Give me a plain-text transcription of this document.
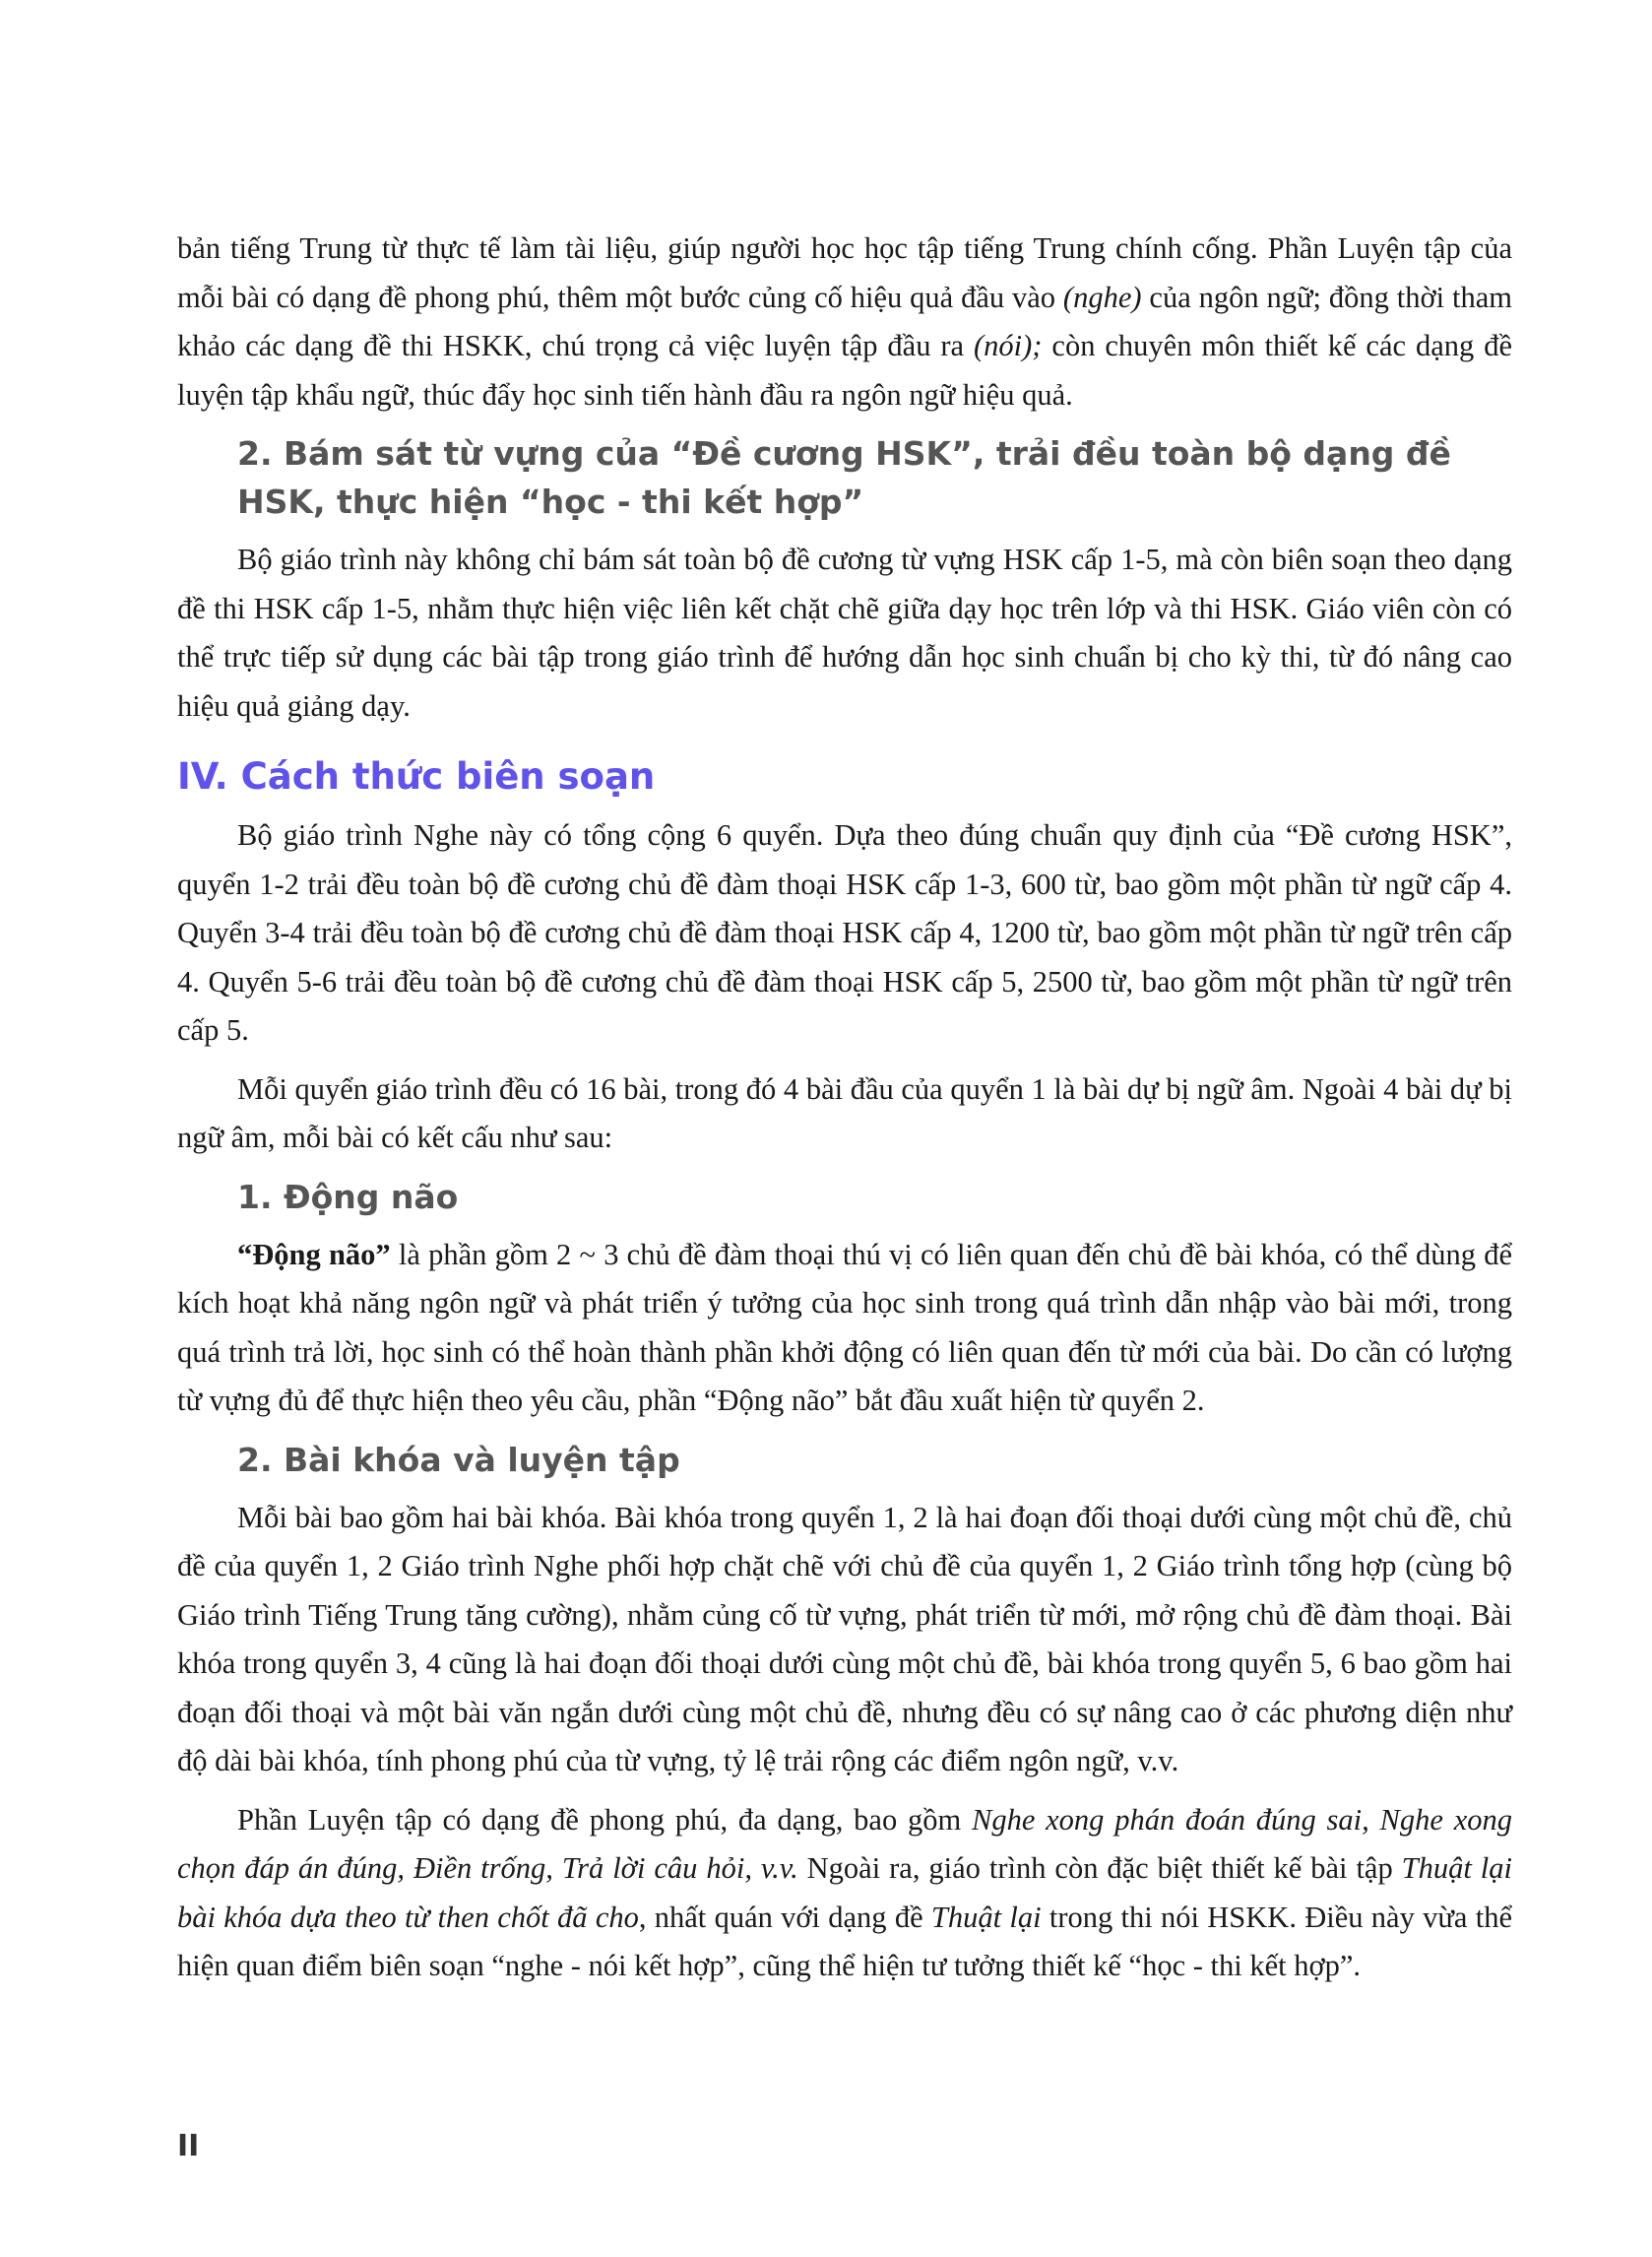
bản tiếng Trung từ thực tế làm tài liệu, giúp người học học tập tiếng Trung chính cống. Phần Luyện tập của mỗi bài có dạng đề phong phú, thêm một bước củng cố hiệu quả đầu vào (nghe) của ngôn ngữ; đồng thời tham khảo các dạng đề thi HSKK, chú trọng cả việc luyện tập đầu ra (nói); còn chuyên môn thiết kế các dạng đề luyện tập khẩu ngữ, thúc đẩy học sinh tiến hành đầu ra ngôn ngữ hiệu quả.

2. Bám sát từ vựng của “Đề cương HSK”, trải đều toàn bộ dạng đề HSK, thực hiện “học - thi kết hợp”

Bộ giáo trình này không chỉ bám sát toàn bộ đề cương từ vựng HSK cấp 1-5, mà còn biên soạn theo dạng đề thi HSK cấp 1-5, nhằm thực hiện việc liên kết chặt chẽ giữa dạy học trên lớp và thi HSK. Giáo viên còn có thể trực tiếp sử dụng các bài tập trong giáo trình để hướng dẫn học sinh chuẩn bị cho kỳ thi, từ đó nâng cao hiệu quả giảng dạy.

IV. Cách thức biên soạn

Bộ giáo trình Nghe này có tổng cộng 6 quyển. Dựa theo đúng chuẩn quy định của “Đề cương HSK”, quyển 1-2 trải đều toàn bộ đề cương chủ đề đàm thoại HSK cấp 1-3, 600 từ, bao gồm một phần từ ngữ cấp 4. Quyển 3-4 trải đều toàn bộ đề cương chủ đề đàm thoại HSK cấp 4, 1200 từ, bao gồm một phần từ ngữ trên cấp 4. Quyển 5-6 trải đều toàn bộ đề cương chủ đề đàm thoại HSK cấp 5, 2500 từ, bao gồm một phần từ ngữ trên cấp 5.

Mỗi quyển giáo trình đều có 16 bài, trong đó 4 bài đầu của quyển 1 là bài dự bị ngữ âm. Ngoài 4 bài dự bị ngữ âm, mỗi bài có kết cấu như sau:

1. Động não

“Động não” là phần gồm 2 ~ 3 chủ đề đàm thoại thú vị có liên quan đến chủ đề bài khóa, có thể dùng để kích hoạt khả năng ngôn ngữ và phát triển ý tưởng của học sinh trong quá trình dẫn nhập vào bài mới, trong quá trình trả lời, học sinh có thể hoàn thành phần khởi động có liên quan đến từ mới của bài. Do cần có lượng từ vựng đủ để thực hiện theo yêu cầu, phần “Động não” bắt đầu xuất hiện từ quyển 2.

2. Bài khóa và luyện tập

Mỗi bài bao gồm hai bài khóa. Bài khóa trong quyển 1, 2 là hai đoạn đối thoại dưới cùng một chủ đề, chủ đề của quyển 1, 2 Giáo trình Nghe phối hợp chặt chẽ với chủ đề của quyển 1, 2 Giáo trình tổng hợp (cùng bộ Giáo trình Tiếng Trung tăng cường), nhằm củng cố từ vựng, phát triển từ mới, mở rộng chủ đề đàm thoại. Bài khóa trong quyển 3, 4 cũng là hai đoạn đối thoại dưới cùng một chủ đề, bài khóa trong quyển 5, 6 bao gồm hai đoạn đối thoại và một bài văn ngắn dưới cùng một chủ đề, nhưng đều có sự nâng cao ở các phương diện như độ dài bài khóa, tính phong phú của từ vựng, tỷ lệ trải rộng các điểm ngôn ngữ, v.v.

Phần Luyện tập có dạng đề phong phú, đa dạng, bao gồm Nghe xong phán đoán đúng sai, Nghe xong chọn đáp án đúng, Điền trống, Trả lời câu hỏi, v.v. Ngoài ra, giáo trình còn đặc biệt thiết kế bài tập Thuật lại bài khóa dựa theo từ then chốt đã cho, nhất quán với dạng đề Thuật lại trong thi nói HSKK. Điều này vừa thể hiện quan điểm biên soạn “nghe - nói kết hợp”, cũng thể hiện tư tưởng thiết kế “học - thi kết hợp”.

II
